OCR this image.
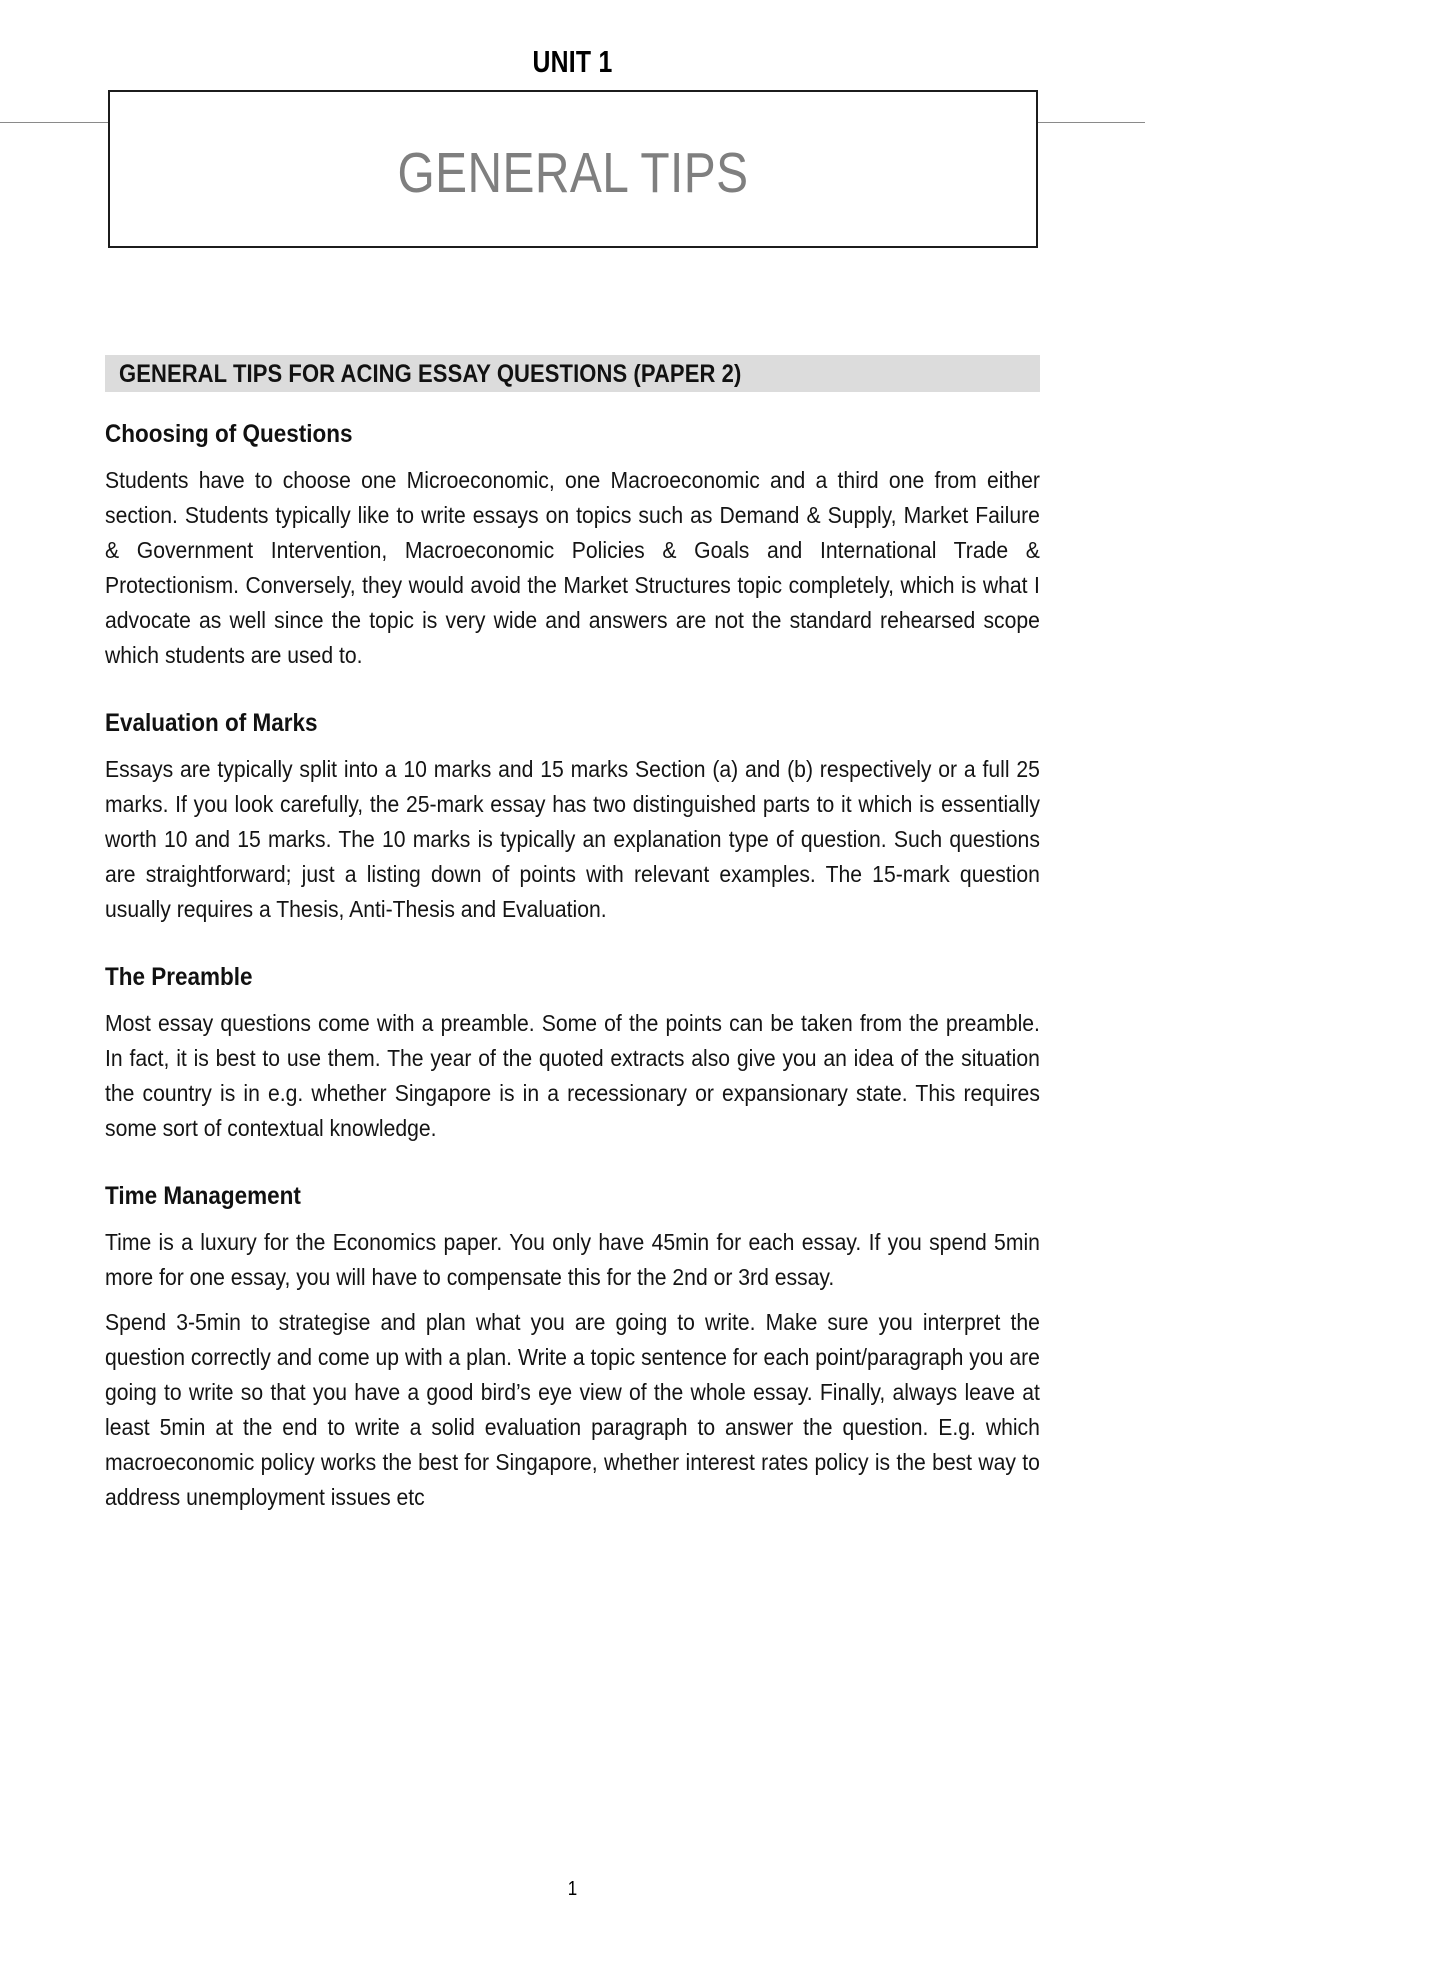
UNIT 1
GENERAL TIPS
GENERAL TIPS FOR ACING ESSAY QUESTIONS (PAPER 2)
Choosing of Questions

Students have to choose one Microeconomic, one Macroeconomic and a third one from either section. Students typically like to write essays on topics such as Demand & Supply, Market Failure & Government Intervention, Macroeconomic Policies & Goals and International Trade & Protectionism. Conversely, they would avoid the Market Structures topic completely, which is what I advocate as well since the topic is very wide and answers are not the standard rehearsed scope which students are used to.

Evaluation of Marks

Essays are typically split into a 10 marks and 15 marks Section (a) and (b) respectively or a full 25 marks. If you look carefully, the 25-mark essay has two distinguished parts to it which is essentially worth 10 and 15 marks. The 10 marks is typically an explanation type of question. Such questions are straightforward; just a listing down of points with relevant examples. The 15-mark question usually requires a Thesis, Anti-Thesis and Evaluation.

The Preamble

Most essay questions come with a preamble. Some of the points can be taken from the preamble. In fact, it is best to use them. The year of the quoted extracts also give you an idea of the situation the country is in e.g. whether Singapore is in a recessionary or expansionary state. This requires some sort of contextual knowledge.

Time Management

Time is a luxury for the Economics paper. You only have 45min for each essay. If you spend 5min more for one essay, you will have to compensate this for the 2nd or 3rd essay.

Spend 3-5min to strategise and plan what you are going to write. Make sure you interpret the question correctly and come up with a plan. Write a topic sentence for each point/paragraph you are going to write so that you have a good bird’s eye view of the whole essay. Finally, always leave at least 5min at the end to write a solid evaluation paragraph to answer the question. E.g. which macroeconomic policy works the best for Singapore, whether interest rates policy is the best way to address unemployment issues etc

1
